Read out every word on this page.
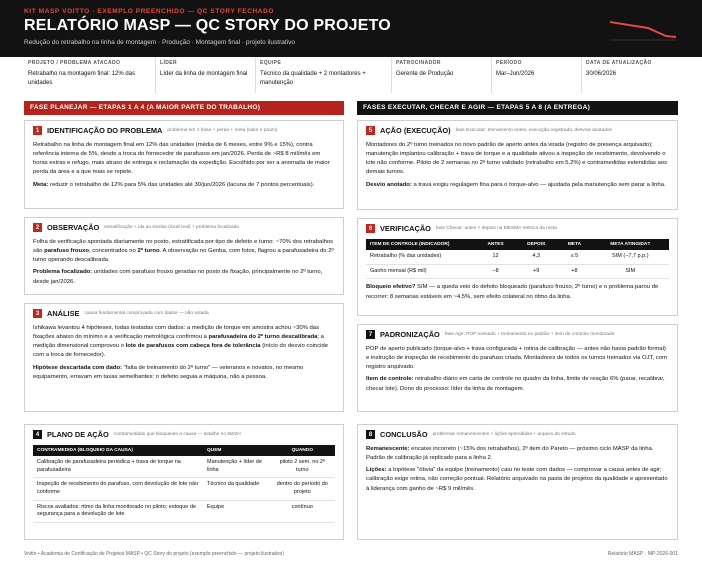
KIT MASP VOITTO · EXEMPLO PREENCHIDO — QC STORY FECHADO
RELATÓRIO MASP — QC STORY DO PROJETO
Redução do retrabalho na linha de montagem · Produção · Montagem final · projeto ilustrativo
PROJETO / PROBLEMA ATACADO
Retrabalho na montagem final: 12% das unidades
LÍDER
Líder da linha de montagem final
EQUIPE
Técnico da qualidade + 2 montadores + manutenção
PATROCINADOR
Gerente de Produção
PERÍODO
Mar–Jun/2026
DATA DE ATUALIZAÇÃO
30/06/2026
FASE PLANEJAR — ETAPAS 1 A 4 (A MAIOR PARTE DO TRABALHO)	FASES EXECUTAR, CHECAR E AGIR — ETAPAS 5 A 8 (A ENTREGA)
1	IDENTIFICAÇÃO DO PROBLEMA problema em 1 frase + perda + meta (valor e prazo)
Retrabalho na linha de montagem final em 12% das unidades (média de 6 meses, entre 9% e 15%), contra referência interna de 5%, desde a troca do fornecedor de parafusos em jan/2026. Perda de ~R$ 8 mil/mês em horas extras e refugo, mais atraso de entrega e reclamação da expedição. Escolhido por ser a anomalia de maior perda da área e a que mais se repete.
Meta: reduzir o retrabalho de 12% para 5% das unidades até 30/jun/2026 (lacuna de 7 pontos percentuais).
2	OBSERVAÇÃO estratificação + ida ao Genba (local real) + problema focalizado
Folha de verificação apontada diariamente no posto, estratificada por tipo de defeito e turno: ~70% dos retrabalhos são parafuso frouxo, concentrados no 2º turno. A observação no Genba, com fotos, flagrou a parafusadeira do 2º turno operando descalibrada.
Problema focalizado: unidades com parafuso frouxo geradas no posto de fixação, principalmente no 2º turno, desde jan/2026.
3	ANÁLISE causa fundamental comprovada com dados — não votada
Ishikawa levantou 4 hipóteses, todas testadas com dados: a medição de torque em amostra achou ~30% das fixações abaixo do mínimo e a verificação metrológica confirmou a parafusadeira do 2º turno descalibrada; a medição dimensional comprovou o lote de parafusos com cabeça fora de tolerância (início do desvio coincide com a troca de fornecedor).
Hipótese descartada com dado: "falta de treinamento do 2º turno" — veteranos e novatos, no mesmo equipamento, erravam em taxas semelhantes: o defeito seguia a máquina, não a pessoa.
4	PLANO DE AÇÃO contramedidas que bloqueiam a causa — detalhe no 5W2H
CONTRAMEDIDA (BLOQUEIO DA CAUSA)	QUEM	QUANDO
Calibração de parafusadeira periódica + trava de torque na parafusadeira	Manutenção + líder de linha	piloto 2 sem. no 2º turno
Inspeção de recebimento do parafuso, com devolução de lote não conforme	Técnico da qualidade	dentro do período do projeto
Riscos avaliados: ritmo da linha monitorado no piloto; estoque de segurança para a devolução de lote	Equipe	contínuo
5	AÇÃO (EXECUÇÃO) fase Executar: treinamento antes, execução registrada, desvios anotados
Montadores do 2º turno treinados no novo padrão de aperto antes da virada (registro de presença arquivado); manutenção implantou calibração + trava de torque e a qualidade ativou a inspeção de recebimento, devolvendo o lote não conforme. Piloto de 2 semanas no 2º turno validado (retrabalho em 5,2%) e contramedidas estendidas aos demais turnos.
Desvio anotado: a trava exigiu regulagem fina para o torque-alvo — ajustada pela manutenção sem parar a linha.
6	VERIFICAÇÃO fase Checar: antes × depois na MESMA métrica da meta
ITEM DE CONTROLE (INDICADOR)	ANTES	DEPOIS	META	META ATINGIDA?
Retrabalho (% das unidades)	12	4,3	≤ 5	SIM (−7,7 p.p.)
Ganho mensal (R$ mil)	−8	+9	+8	SIM
Bloqueio efetivo? SIM — a queda veio do defeito bloqueado (parafuso frouxo, 2º turno) e o problema parou de recorrer: 8 semanas estáveis em ~4,5%, sem efeito colateral no ritmo da linha.
7	PADRONIZAÇÃO fase Agir: POP revisado + treinamento no padrão + item de controle monitorado
POP de aperto publicado (torque-alvo + trava configurada + rotina de calibração — antes não havia padrão formal) e instrução de inspeção de recebimento do parafuso criada. Montadores de todos os turnos treinados via OJT, com registro arquivado.
Item de controle: retrabalho diário em carta de controle no quadro da linha, limite de reação 6% (parar, recalibrar, checar lote). Dono do processo: líder da linha de montagem.
8	CONCLUSÃO problemas remanescentes + lições aprendidas + arquivo do estudo
Remanescente: encaixe incorreto (~15% dos retrabalhos), 2º item do Pareto — próximo ciclo MASP da linha. Padrão de calibração já replicado para a linha 2.
Lições: a hipótese "óbvia" da equipe (treinamento) caiu no teste com dados — comprovar a causa antes de agir; calibração exige rotina, não correção pontual. Relatório arquivado na pasta de projetos da qualidade e apresentado à liderança com ganho de ~R$ 9 mil/mês.
Voitto • Academia de Certificação de Projetos MASP • QC Story do projeto (exemplo preenchido — projeto ilustrativo)	Relatório MASP · MP-2026-001
